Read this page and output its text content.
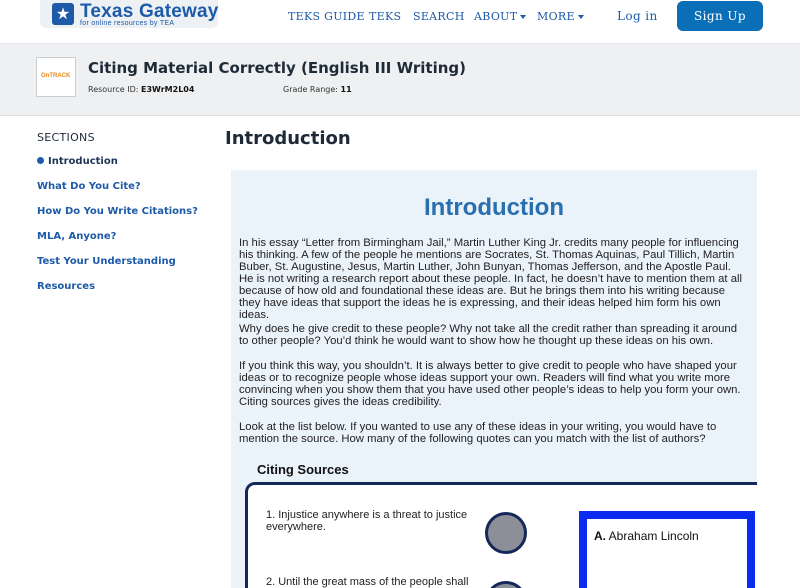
★ Texas Gateway
for online resources by TEA
TEKS GUIDE TEKS SEARCH ABOUT	MORE	Log in	Sign Up
OnTRACK Citing Material Correctly (English III Writing)
Resource ID: E3WrM2L04	Grade Range: 11
SECTIONS
Introduction
What Do You Cite?
How Do You Write Citations?
MLA, Anyone?
Test Your Understanding
Resources
Introduction
Introduction

In his essay “Letter from Birmingham Jail,” Martin Luther King Jr. credits many people for influencing his thinking. A few of the people he mentions are Socrates, St. Thomas Aquinas, Paul Tillich, Martin Buber, St. Augustine, Jesus, Martin Luther, John Bunyan, Thomas Jefferson, and the Apostle Paul. He is not writing a research report about these people. In fact, he doesn’t have to mention them at all because of how old and foundational these ideas are. But he brings them into his writing because they have ideas that support the ideas he is expressing, and their ideas helped him form his own ideas.

Why does he give credit to these people? Why not take all the credit rather than spreading it around to other people? You’d think he would want to show how he thought up these ideas on his own.

If you think this way, you shouldn’t. It is always better to give credit to people who have shaped your ideas or to recognize people whose ideas support your own. Readers will find what you write more convincing when you show them that you have used other people’s ideas to help you form your own. Citing sources gives the ideas credibility.

Look at the list below. If you wanted to use any of these ideas in your writing, you would have to mention the source. How many of the following quotes can you match with the list of authors?

Citing Sources
1. Injustice anywhere is a threat to justice everywhere.
2. Until the great mass of the people shall
A. Abraham Lincoln
